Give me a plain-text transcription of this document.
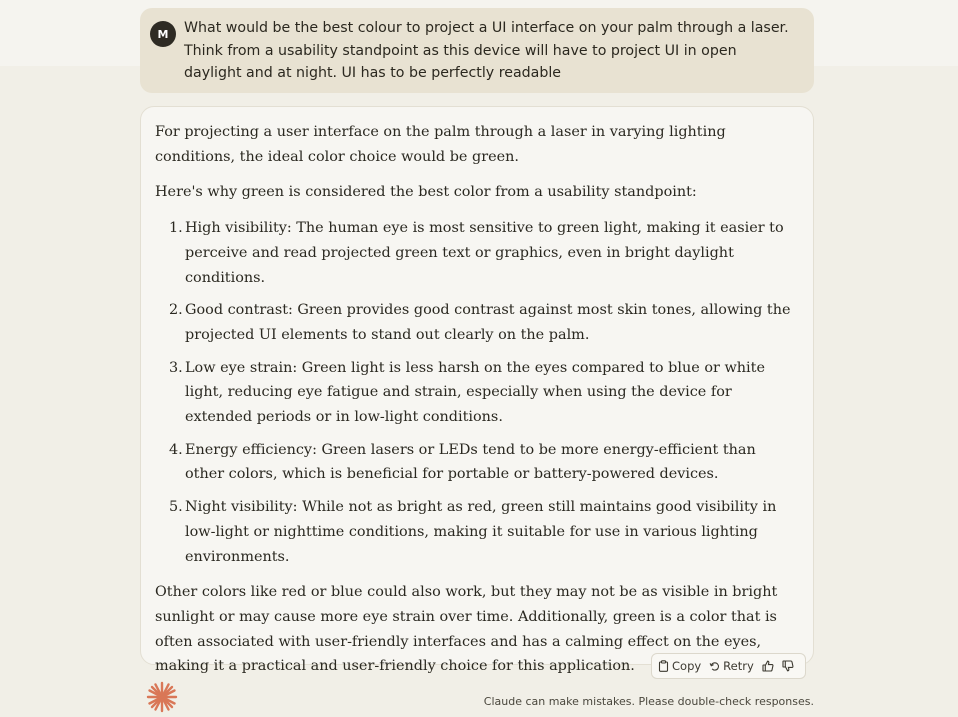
M	What would be the best colour to project a UI interface on your palm through a laser. Think from a usability standpoint as this device will have to project UI in open daylight and at night. UI has to be perfectly readable

For projecting a user interface on the palm through a laser in varying lighting conditions, the ideal color choice would be green.

Here's why green is considered the best color from a usability standpoint:

1. High visibility: The human eye is most sensitive to green light, making it easier to perceive and read projected green text or graphics, even in bright daylight conditions.
2. Good contrast: Green provides good contrast against most skin tones, allowing the projected UI elements to stand out clearly on the palm.
3. Low eye strain: Green light is less harsh on the eyes compared to blue or white light, reducing eye fatigue and strain, especially when using the device for extended periods or in low-light conditions.
4. Energy efficiency: Green lasers or LEDs tend to be more energy-efficient than other colors, which is beneficial for portable or battery-powered devices.
5. Night visibility: While not as bright as red, green still maintains good visibility in low-light or nighttime conditions, making it suitable for use in various lighting environments.

Other colors like red or blue could also work, but they may not be as visible in bright sunlight or may cause more eye strain over time. Additionally, green is a color that is often associated with user-friendly interfaces and has a calming effect on the eyes, making it a practical and user-friendly choice for this application.	Copy Retry
Claude can make mistakes. Please double-check responses.
